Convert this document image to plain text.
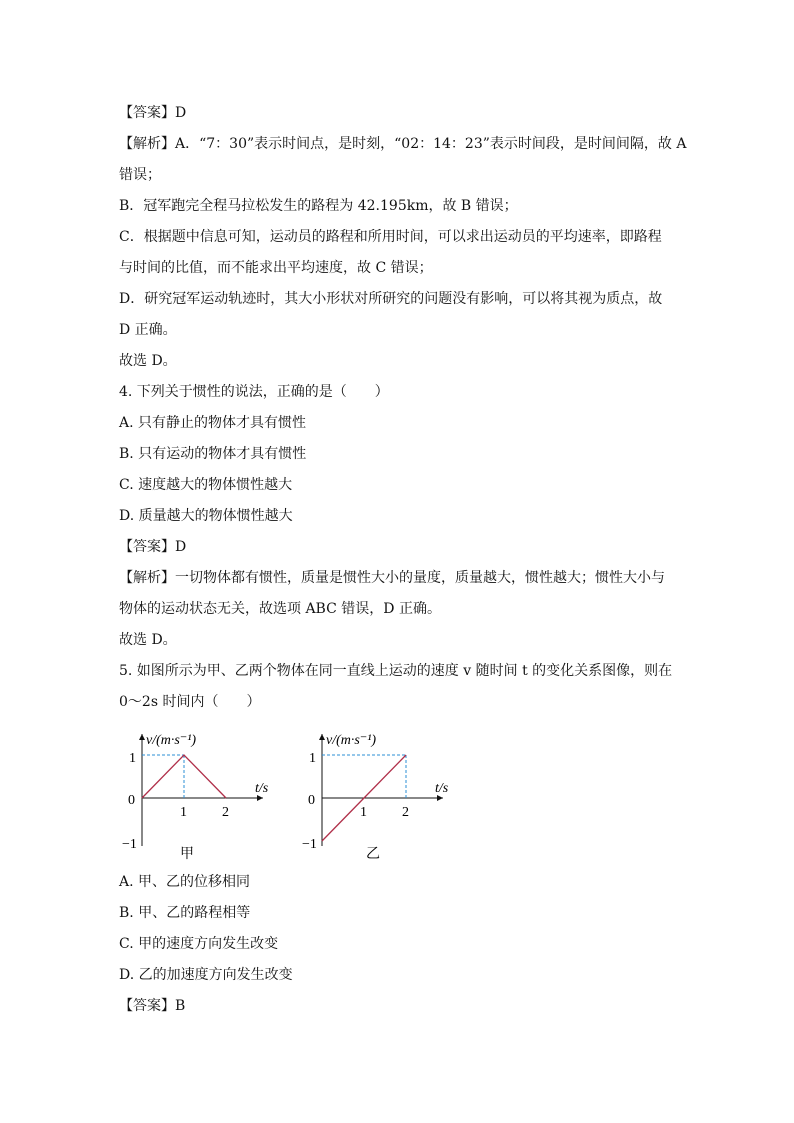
【答案】D
【解析】A．“7：30”表示时间点，是时刻，“02：14：23”表示时间段，是时间间隔，故 A
错误；
B．冠军跑完全程马拉松发生的路程为 42.195km，故 B 错误；
C．根据题中信息可知，运动员的路程和所用时间，可以求出运动员的平均速率，即路程
与时间的比值，而不能求出平均速度，故 C 错误；
D．研究冠军运动轨迹时，其大小形状对所研究的问题没有影响，可以将其视为质点，故
D 正确。
故选 D。
4. 下列关于惯性的说法，正确的是（　　）
A. 只有静止的物体才具有惯性
B. 只有运动的物体才具有惯性
C. 速度越大的物体惯性越大
D. 质量越大的物体惯性越大
【答案】D
【解析】一切物体都有惯性，质量是惯性大小的量度，质量越大，惯性越大；惯性大小与
物体的运动状态无关，故选项 ABC 错误，D 正确。
故选 D。
5. 如图所示为甲、乙两个物体在同一直线上运动的速度 v 随时间 t 的变化关系图像，则在
0～2s 时间内（　　）
v/(m·s⁻¹)
t/s
1
0
−1
1	2
甲
v/(m·s⁻¹)
t/s
1
0
−1
1	2
乙
A. 甲、乙的位移相同
B. 甲、乙的路程相等
C. 甲的速度方向发生改变
D. 乙的加速度方向发生改变
【答案】B
